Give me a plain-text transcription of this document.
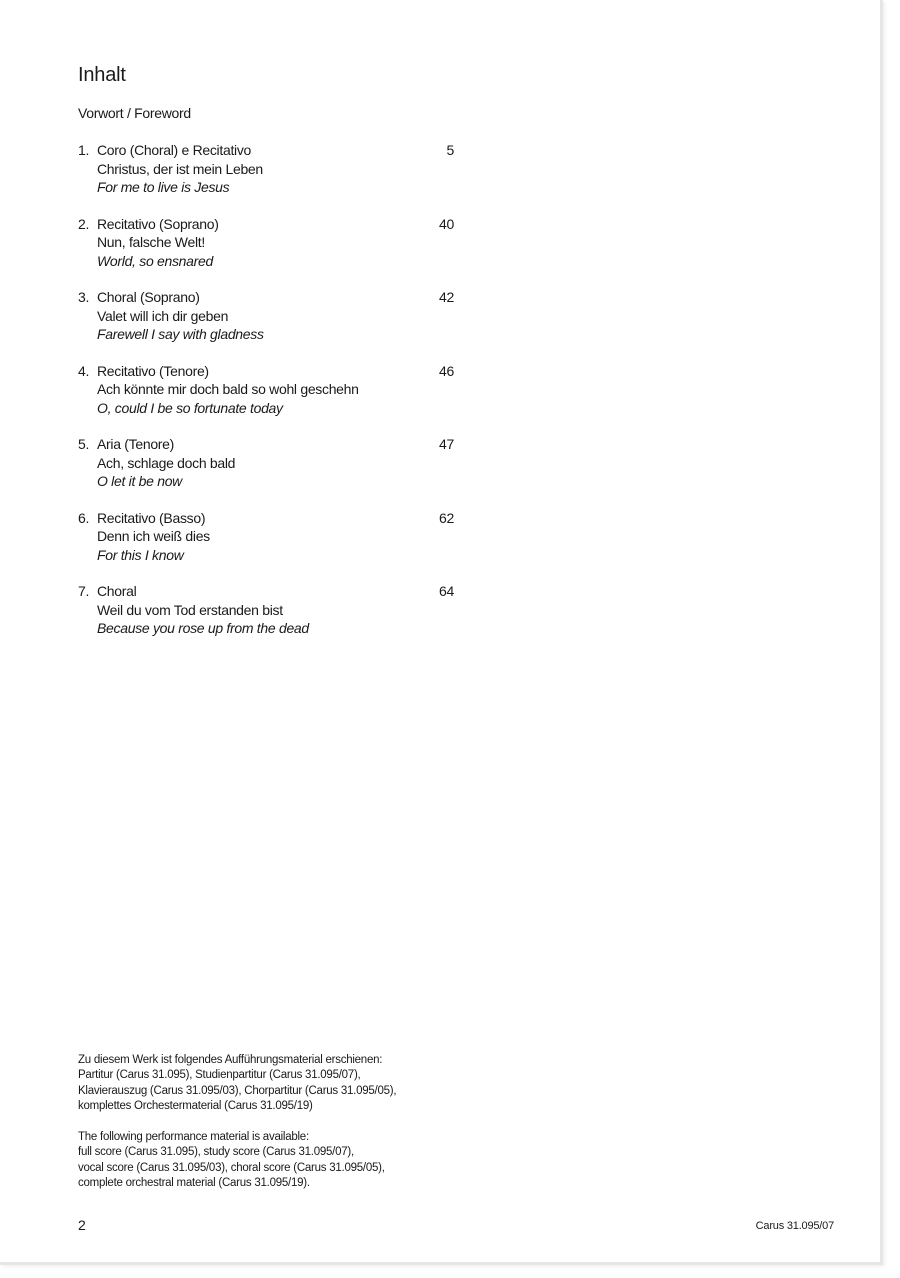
Inhalt
Vorwort / Foreword
1. Coro (Choral) e Recitativo
Christus, der ist mein Leben
For me to live is Jesus
5
2. Recitativo (Soprano)
Nun, falsche Welt!
World, so ensnared
40
3. Choral (Soprano)
Valet will ich dir geben
Farewell I say with gladness
42
4. Recitativo (Tenore)
Ach könnte mir doch bald so wohl geschehn
O, could I be so fortunate today
46
5. Aria (Tenore)
Ach, schlage doch bald
O let it be now
47
6. Recitativo (Basso)
Denn ich weiß dies
For this I know
62
7. Choral
Weil du vom Tod erstanden bist
Because you rose up from the dead
64
Zu diesem Werk ist folgendes Aufführungsmaterial erschienen:
Partitur (Carus 31.095), Studienpartitur (Carus 31.095/07),
Klavierauszug (Carus 31.095/03), Chorpartitur (Carus 31.095/05),
komplettes Orchestermaterial (Carus 31.095/19)
The following performance material is available:
full score (Carus 31.095), study score (Carus 31.095/07),
vocal score (Carus 31.095/03), choral score (Carus 31.095/05),
complete orchestral material (Carus 31.095/19).
2	Carus 31.095/07
